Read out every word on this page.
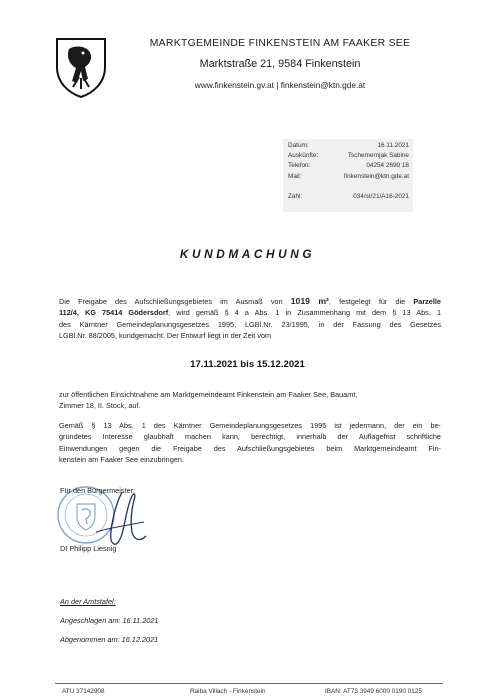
MARKTGEMEINDE FINKENSTEIN AM FAAKER SEE
Marktstraße 21, 9584 Finkenstein
www.finkenstein.gv.at | finkenstein@ktn.gde.at
Datum:	16.11.2021
Auskünfte:	Tschemernjak Sabine
Telefon:	04254 2690 18
Mail:	finkenstein@ktn.gde.at
Zahl:	034/st/21/A16-2021
KUNDMACHUNG
Die Freigabe des Aufschließungsgebietes im Ausmaß von 1019 m², festgelegt für die Parzelle
112/4, KG 75414 Gödersdorf, wird gemäß § 4 a Abs. 1 in Zusammenhang mit dem § 13 Abs. 1
des Kärntner Gemeindeplanungsgesetzes 1995, LGBl.Nr. 23/1995, in der Fassung des Gesetzes
LGBl.Nr. 88/2005, kundgemacht. Der Entwurf liegt in der Zeit vom
17.11.2021 bis 15.12.2021
zur öffentlichen Einsichtnahme am Marktgemeindeamt Finkenstein am Faaker See, Bauamt,
Zimmer 18, II. Stock, auf.
Gemäß § 13 Abs. 1 des Kärntner Gemeindeplanungsgesetzes 1995 ist jedermann, der ein be-
gründetes Interesse glaubhaft machen kann, berechtigt, innerhalb der Auflagefrist schriftliche
Einwendungen gegen die Freigabe des Aufschließungsgebietes beim Marktgemeindeamt Fin-
kenstein am Faaker See einzubringen.
Für den Bürgermeister:
DI Philipp Liesnig
An der Amtstafel:
Angeschlagen am: 16.11.2021
Abgenommen am: 16.12.2021
ATU 37142908	Raiba Villach - Finkenstein	IBAN: AT73 3949 6000 0190 0125
